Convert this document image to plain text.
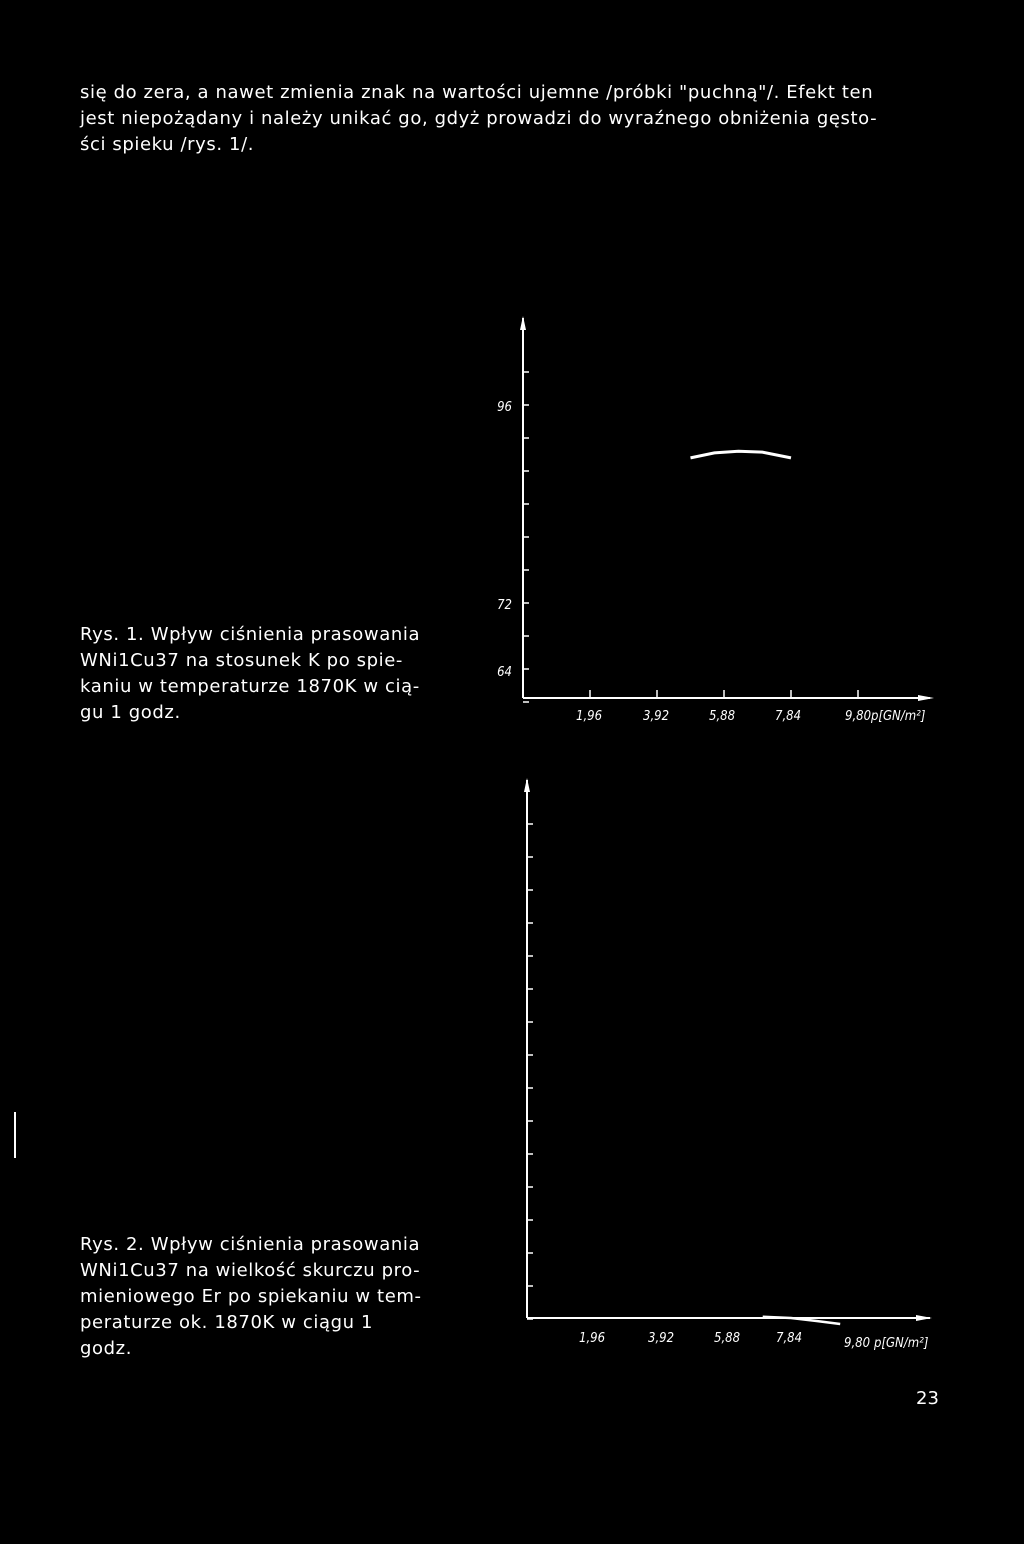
się do zera, a nawet zmienia znak na wartości ujemne /próbki "puchną"/. Efekt ten

jest niepożądany i należy unikać go, gdyż prowadzi do wyraźnego obniżenia gęsto-

ści spieku /rys. 1/.

Rys. 1. Wpływ ciśnienia prasowania

WNi1Cu37 na stosunek K po spie-

kaniu w temperaturze 1870K w cią-

gu 1 godz.

Rys. 2. Wpływ ciśnienia prasowania

WNi1Cu37 na wielkość skurczu pro-

mieniowego Er po spiekaniu w tem-

peraturze ok. 1870K w ciągu 1

godz.

96
72
64
1,96	3,92	5,88	7,84	9,80 p[GN/m²]
1,96	3,92	5,88	7,84	9,80 p[GN/m²]
23
